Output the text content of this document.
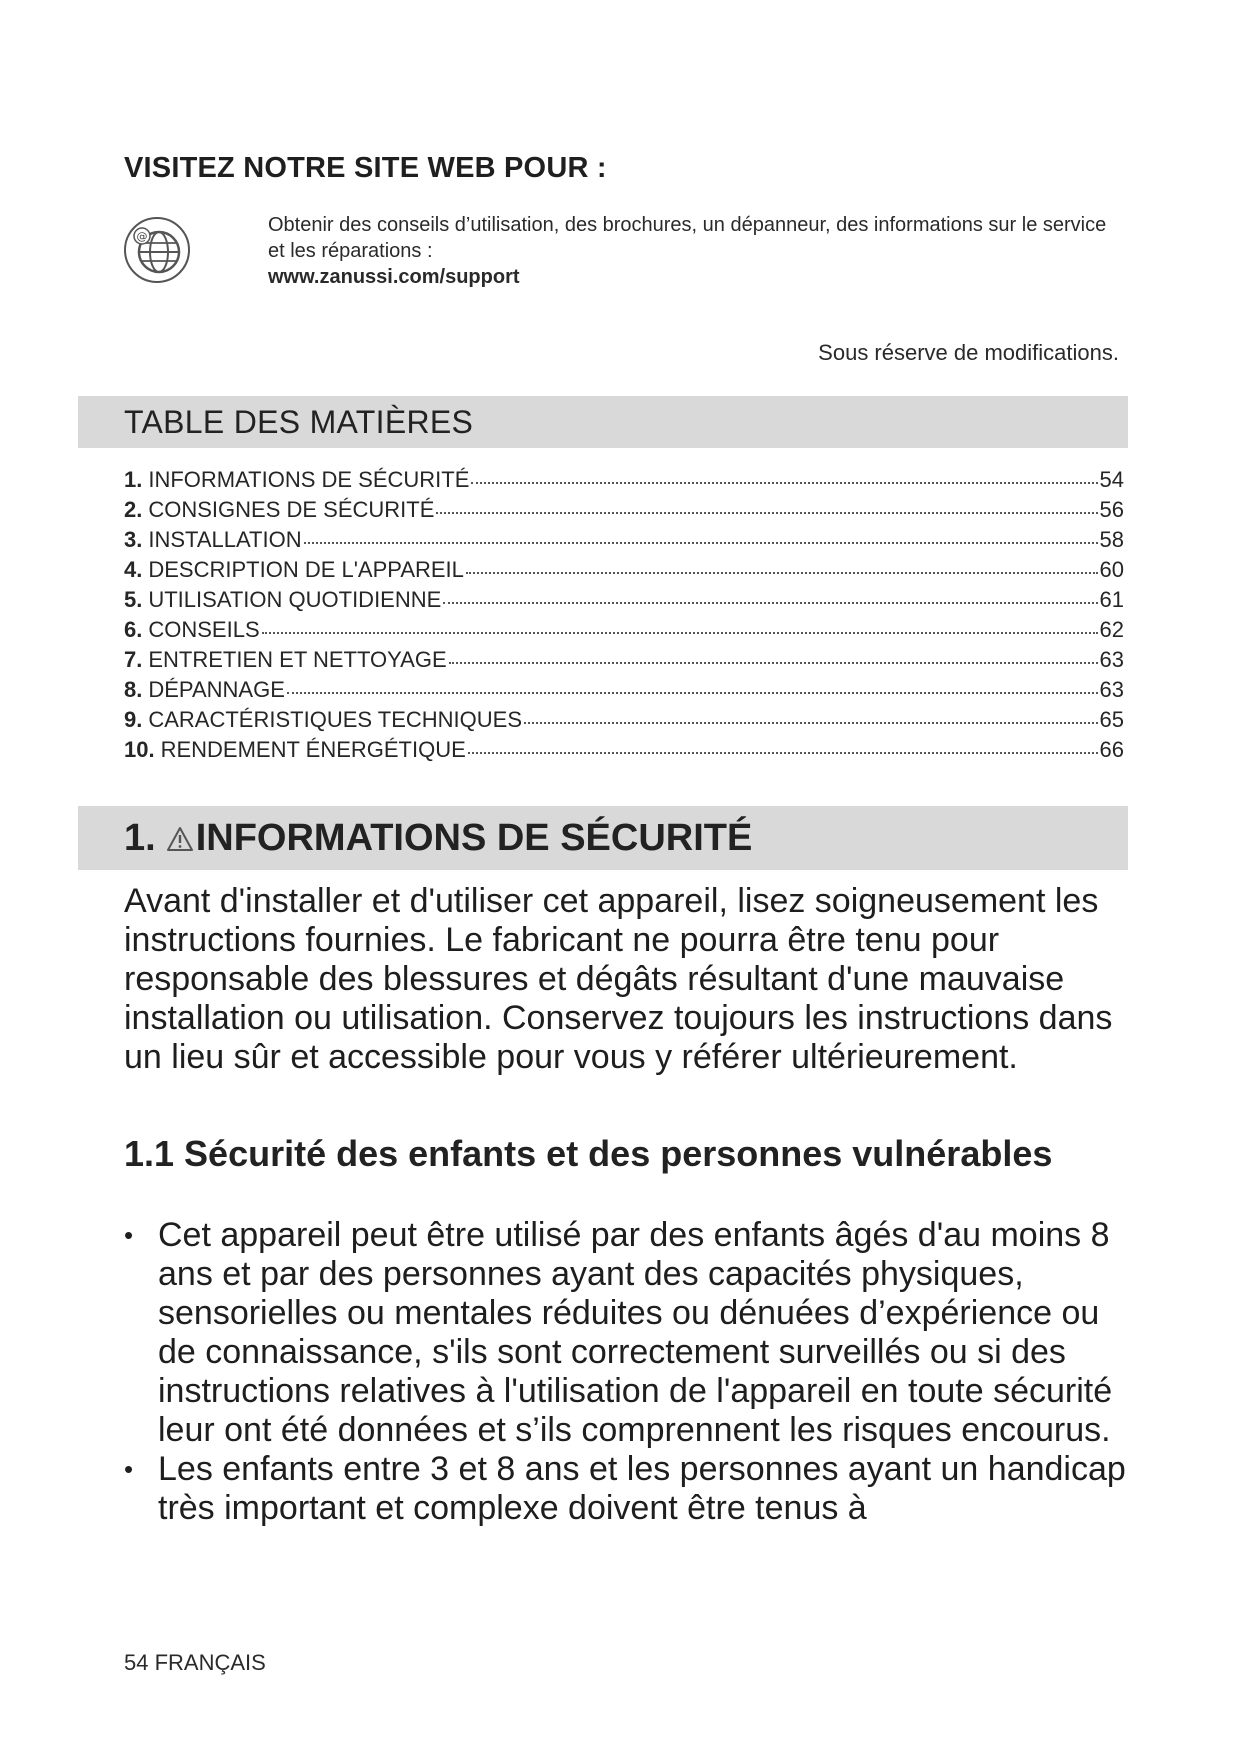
VISITEZ NOTRE SITE WEB POUR :
@
Obtenir des conseils d’utilisation, des brochures, un dépanneur, des informations sur le service et les réparations :
www.zanussi.com/support
Sous réserve de modifications.
TABLE DES MATIÈRES
1. INFORMATIONS DE SÉCURITÉ	54
2. CONSIGNES DE SÉCURITÉ	56
3. INSTALLATION	58
4. DESCRIPTION DE L'APPAREIL	60
5. UTILISATION QUOTIDIENNE	61
6. CONSEILS	62
7. ENTRETIEN ET NETTOYAGE	63
8. DÉPANNAGE	63
9. CARACTÉRISTIQUES TECHNIQUES	65
10. RENDEMENT ÉNERGÉTIQUE	66
1. INFORMATIONS DE SÉCURITÉ

Avant d'installer et d'utiliser cet appareil, lisez soigneusement les instructions fournies. Le fabricant ne pourra être tenu pour responsable des blessures et dégâts résultant d'une mauvaise installation ou utilisation. Conservez toujours les instructions dans un lieu sûr et accessible pour vous y référer ultérieurement.

1.1 Sécurité des enfants et des personnes vulnérables
• Cet appareil peut être utilisé par des enfants âgés d'au moins 8 ans et par des personnes ayant des capacités physiques, sensorielles ou mentales réduites ou dénuées d’expérience ou de connaissance, s'ils sont correctement surveillés ou si des instructions relatives à l'utilisation de l'appareil en toute sécurité leur ont été données et s’ils comprennent les risques encourus.
• Les enfants entre 3 et 8 ans et les personnes ayant un handicap très important et complexe doivent être tenus à
54 FRANÇAIS
